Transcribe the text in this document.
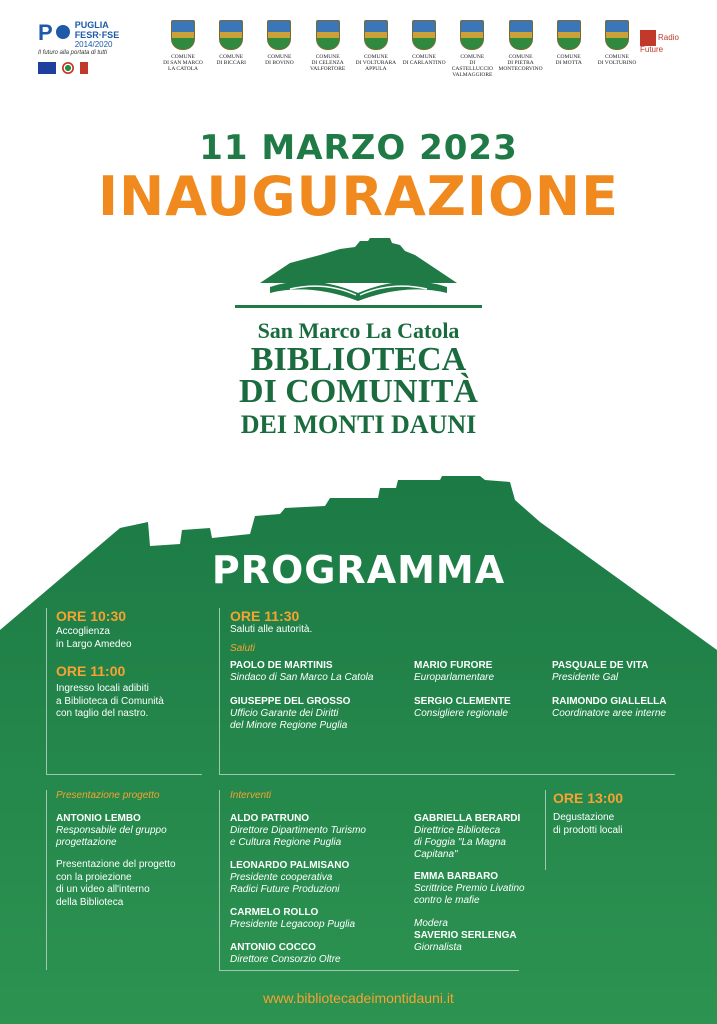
P PUGLIA
FESR·FSE
2014/2020
Il futuro alla portata di tutti
COMUNE
DI SAN MARCO
LA CATOLA
COMUNE
DI BICCARI
COMUNE
DI BOVINO
COMUNE
DI CELENZA
VALFORTORE
COMUNE
DI VOLTURARA
APPULA
COMUNE
DI CARLANTINO
COMUNE
DI CASTELLUCCIO
VALMAGGIORE
COMUNE
DI PIETRA
MONTECORVINO
COMUNE
DI MOTTA
COMUNE
DI VOLTURINO
Radio Future
11 MARZO 2023
INAUGURAZIONE
San Marco La Catola
BIBLIOTECA
DI COMUNITÀ
DEI MONTI DAUNI
PROGRAMMA
ORE 10:30
Accoglienza
in Largo Amedeo
ORE 11:00
Ingresso locali adibiti
a Biblioteca di Comunità
con taglio del nastro.
ORE 11:30
Saluti alle autorità.
Saluti
PAOLO DE MARTINIS
Sindaco di San Marco La Catola
GIUSEPPE DEL GROSSO
Ufficio Garante dei Diritti
del Minore Regione Puglia
MARIO FURORE
Europarlamentare
SERGIO CLEMENTE
Consigliere regionale
PASQUALE DE VITA
Presidente Gal
RAIMONDO GIALLELLA
Coordinatore aree interne
Presentazione progetto
ANTONIO LEMBO
Responsabile del gruppo
progettazione
Presentazione del progetto
con la proiezione
di un video all'interno
della Biblioteca
Interventi
ALDO PATRUNO
Direttore Dipartimento Turismo
e Cultura Regione Puglia
LEONARDO PALMISANO
Presidente cooperativa
Radici Future Produzioni
CARMELO ROLLO
Presidente Legacoop Puglia
ANTONIO COCCO
Direttore Consorzio Oltre
GABRIELLA BERARDI
Direttrice Biblioteca
di Foggia "La Magna
Capitana"
EMMA BARBARO
Scrittrice Premio Livatino
contro le mafie
Modera
SAVERIO SERLENGA
Giornalista
ORE 13:00
Degustazione
di prodotti locali
www.bibliotecadeimontidauni.it
